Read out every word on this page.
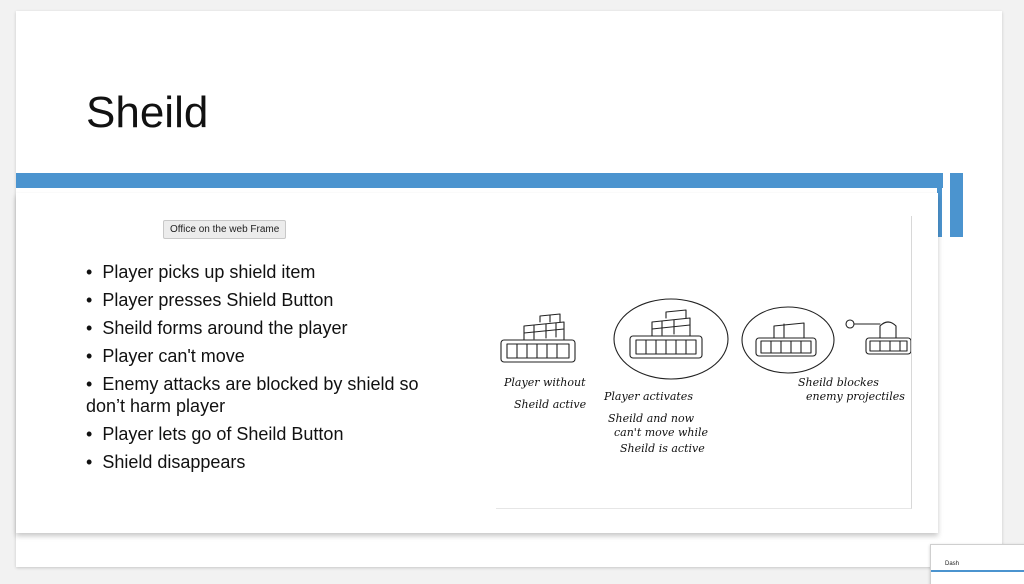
Sheild
Office on the web Frame
• Player picks up shield item
• Player presses Shield Button
• Sheild forms around the player
• Player can't move
• Enemy attacks are blocked by shield so don’t harm player
• Player lets go of Sheild Button
• Shield disappears
Player without
Sheild active
Player activates
Sheild and now
can't move while
Sheild is active
Sheild blockes
enemy projectiles
Dash
